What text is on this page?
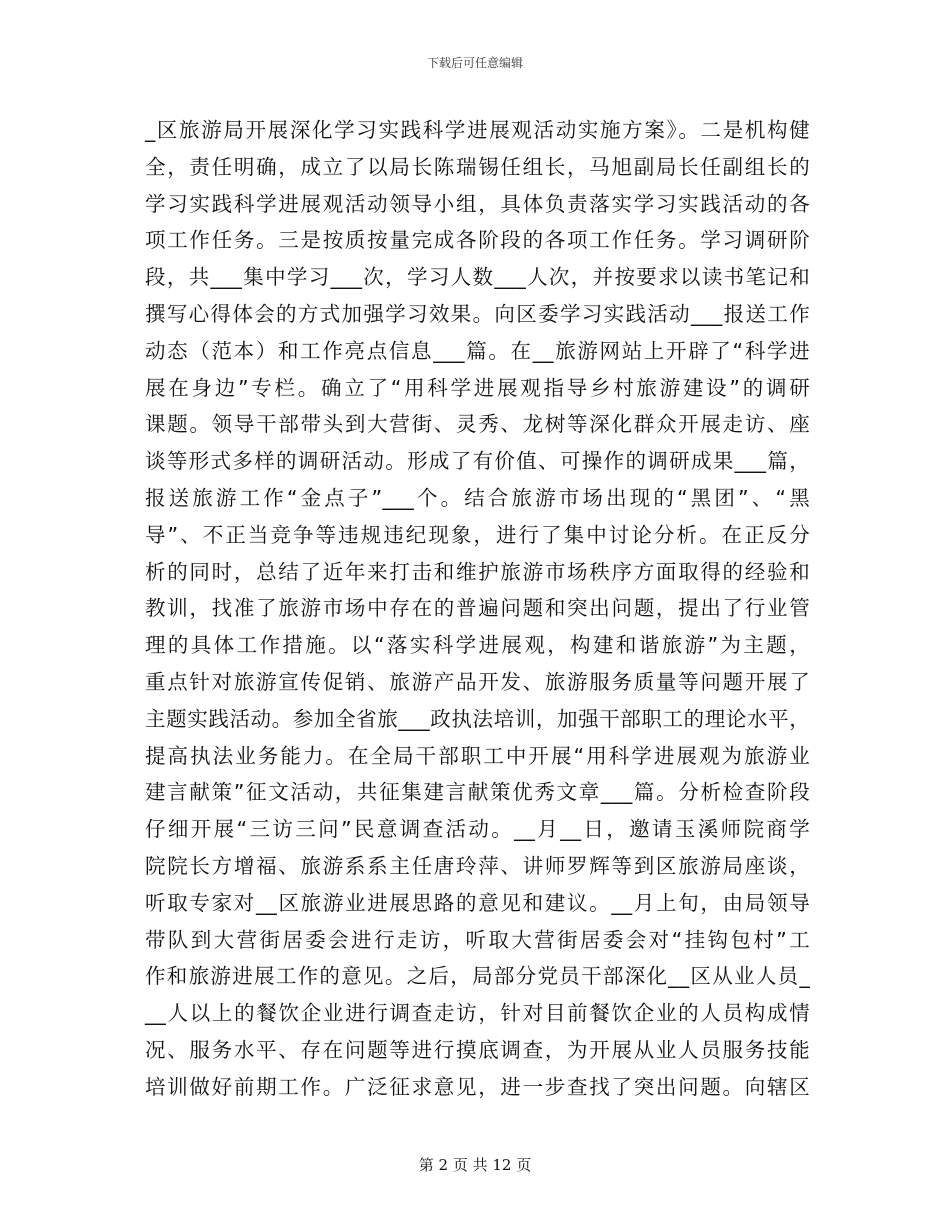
下载后可任意编辑
_区旅游局开展深化学习实践科学进展观活动实施方案》。二是机构健
全，责任明确，成立了以局长陈瑞锡任组长，马旭副局长任副组长的
学习实践科学进展观活动领导小组，具体负责落实学习实践活动的各
项工作任务。三是按质按量完成各阶段的各项工作任务。学习调研阶
段，共___集中学习___次，学习人数___人次，并按要求以读书笔记和
撰写心得体会的方式加强学习效果。向区委学习实践活动___报送工作
动态（范本）和工作亮点信息___篇。在__旅游网站上开辟了“科学进
展在身边”专栏。确立了“用科学进展观指导乡村旅游建设”的调研
课题。领导干部带头到大营街、灵秀、龙树等深化群众开展走访、座
谈等形式多样的调研活动。形成了有价值、可操作的调研成果___篇，
报送旅游工作“金点子”___个。结合旅游市场出现的“黑团”、“黑
导”、不正当竞争等违规违纪现象，进行了集中讨论分析。在正反分
析的同时，总结了近年来打击和维护旅游市场秩序方面取得的经验和
教训，找准了旅游市场中存在的普遍问题和突出问题，提出了行业管
理的具体工作措施。以“落实科学进展观，构建和谐旅游”为主题，
重点针对旅游宣传促销、旅游产品开发、旅游服务质量等问题开展了
主题实践活动。参加全省旅___政执法培训，加强干部职工的理论水平，
提高执法业务能力。在全局干部职工中开展“用科学进展观为旅游业
建言献策”征文活动，共征集建言献策优秀文章___篇。分析检查阶段
仔细开展“三访三问”民意调查活动。__月__日，邀请玉溪师院商学
院院长方增福、旅游系系主任唐玲萍、讲师罗辉等到区旅游局座谈，
听取专家对__区旅游业进展思路的意见和建议。__月上旬，由局领导
带队到大营街居委会进行走访，听取大营街居委会对“挂钩包村”工
作和旅游进展工作的意见。之后，局部分党员干部深化__区从业人员_
__人以上的餐饮企业进行调查走访，针对目前餐饮企业的人员构成情
况、服务水平、存在问题等进行摸底调查，为开展从业人员服务技能
培训做好前期工作。广泛征求意见，进一步查找了突出问题。向辖区
第 2 页 共 12 页
